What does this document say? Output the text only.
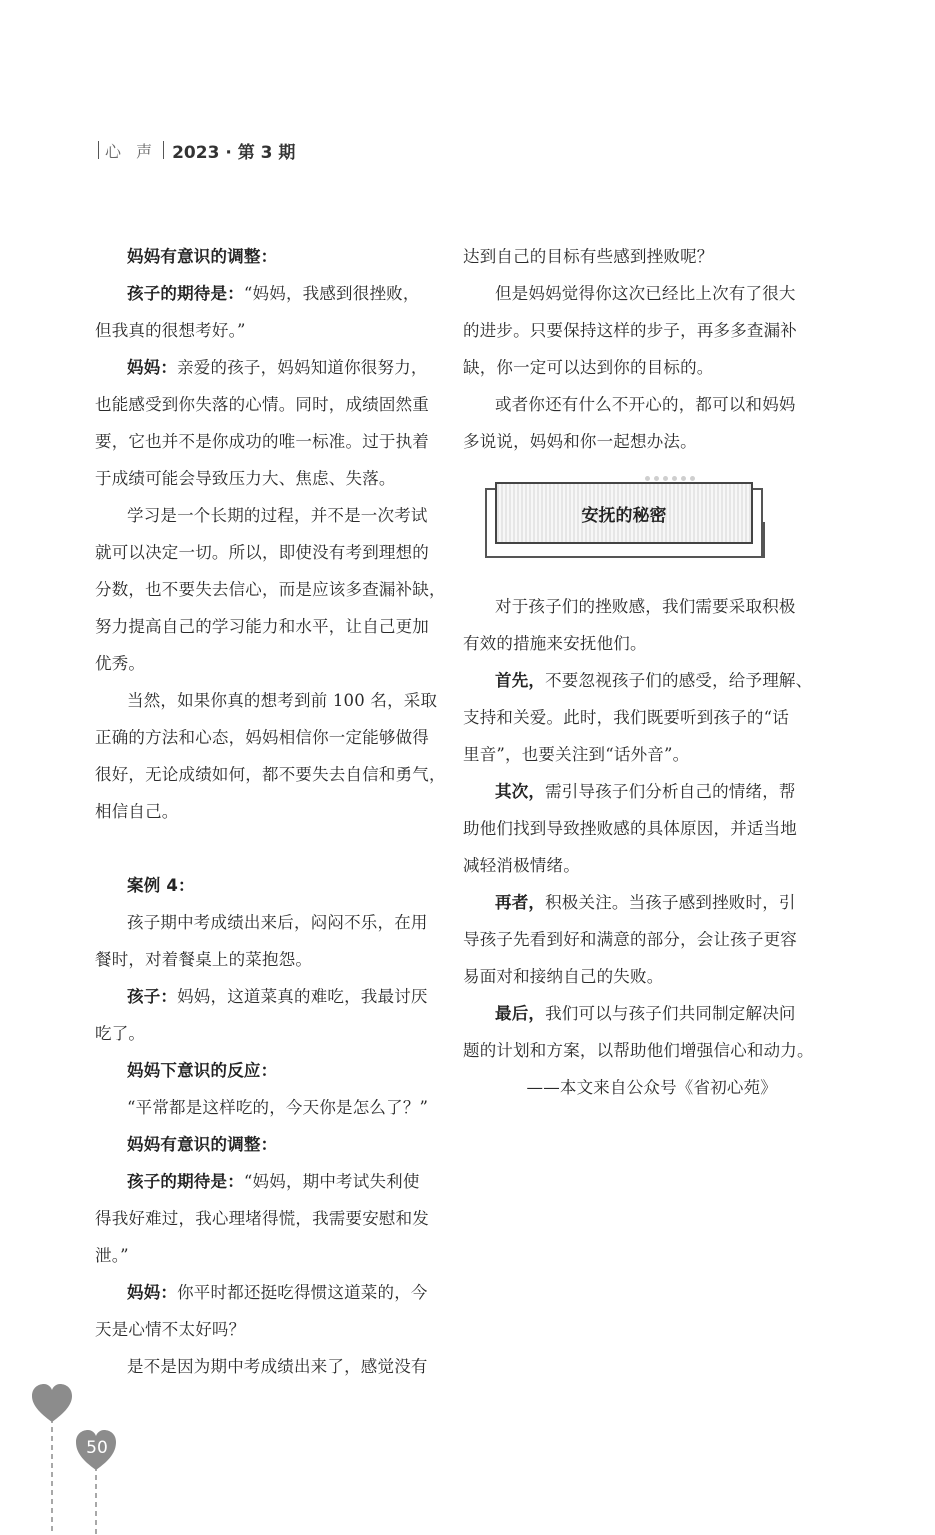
心 声 2023 · 第 3 期
妈妈有意识的调整：
孩子的期待是：“妈妈，我感到很挫败，
但我真的很想考好。”
妈妈：亲爱的孩子，妈妈知道你很努力，
也能感受到你失落的心情。同时，成绩固然重
要，它也并不是你成功的唯一标准。过于执着
于成绩可能会导致压力大、焦虑、失落。
学习是一个长期的过程，并不是一次考试
就可以决定一切。所以，即使没有考到理想的
分数，也不要失去信心，而是应该多查漏补缺，
努力提高自己的学习能力和水平，让自己更加
优秀。
当然，如果你真的想考到前 100 名，采取
正确的方法和心态，妈妈相信你一定能够做得
很好，无论成绩如何，都不要失去自信和勇气，
相信自己。
案例 4：
孩子期中考成绩出来后，闷闷不乐，在用
餐时，对着餐桌上的菜抱怨。
孩子：妈妈，这道菜真的难吃，我最讨厌
吃了。
妈妈下意识的反应：
“平常都是这样吃的，今天你是怎么了？”
妈妈有意识的调整：
孩子的期待是：“妈妈，期中考试失利使
得我好难过，我心理堵得慌，我需要安慰和发
泄。”
妈妈：你平时都还挺吃得惯这道菜的，今
天是心情不太好吗？
是不是因为期中考成绩出来了，感觉没有
达到自己的目标有些感到挫败呢？
但是妈妈觉得你这次已经比上次有了很大
的进步。只要保持这样的步子，再多多查漏补
缺，你一定可以达到你的目标的。
或者你还有什么不开心的，都可以和妈妈
多说说，妈妈和你一起想办法。
安抚的秘密
对于孩子们的挫败感，我们需要采取积极
有效的措施来安抚他们。
首先，不要忽视孩子们的感受，给予理解、
支持和关爱。此时，我们既要听到孩子的“话
里音”，也要关注到“话外音”。
其次，需引导孩子们分析自己的情绪，帮
助他们找到导致挫败感的具体原因，并适当地
减轻消极情绪。
再者，积极关注。当孩子感到挫败时，引
导孩子先看到好和满意的部分，会让孩子更容
易面对和接纳自己的失败。
最后，我们可以与孩子们共同制定解决问
题的计划和方案，以帮助他们增强信心和动力。
——本文来自公众号《省初心苑》
50
